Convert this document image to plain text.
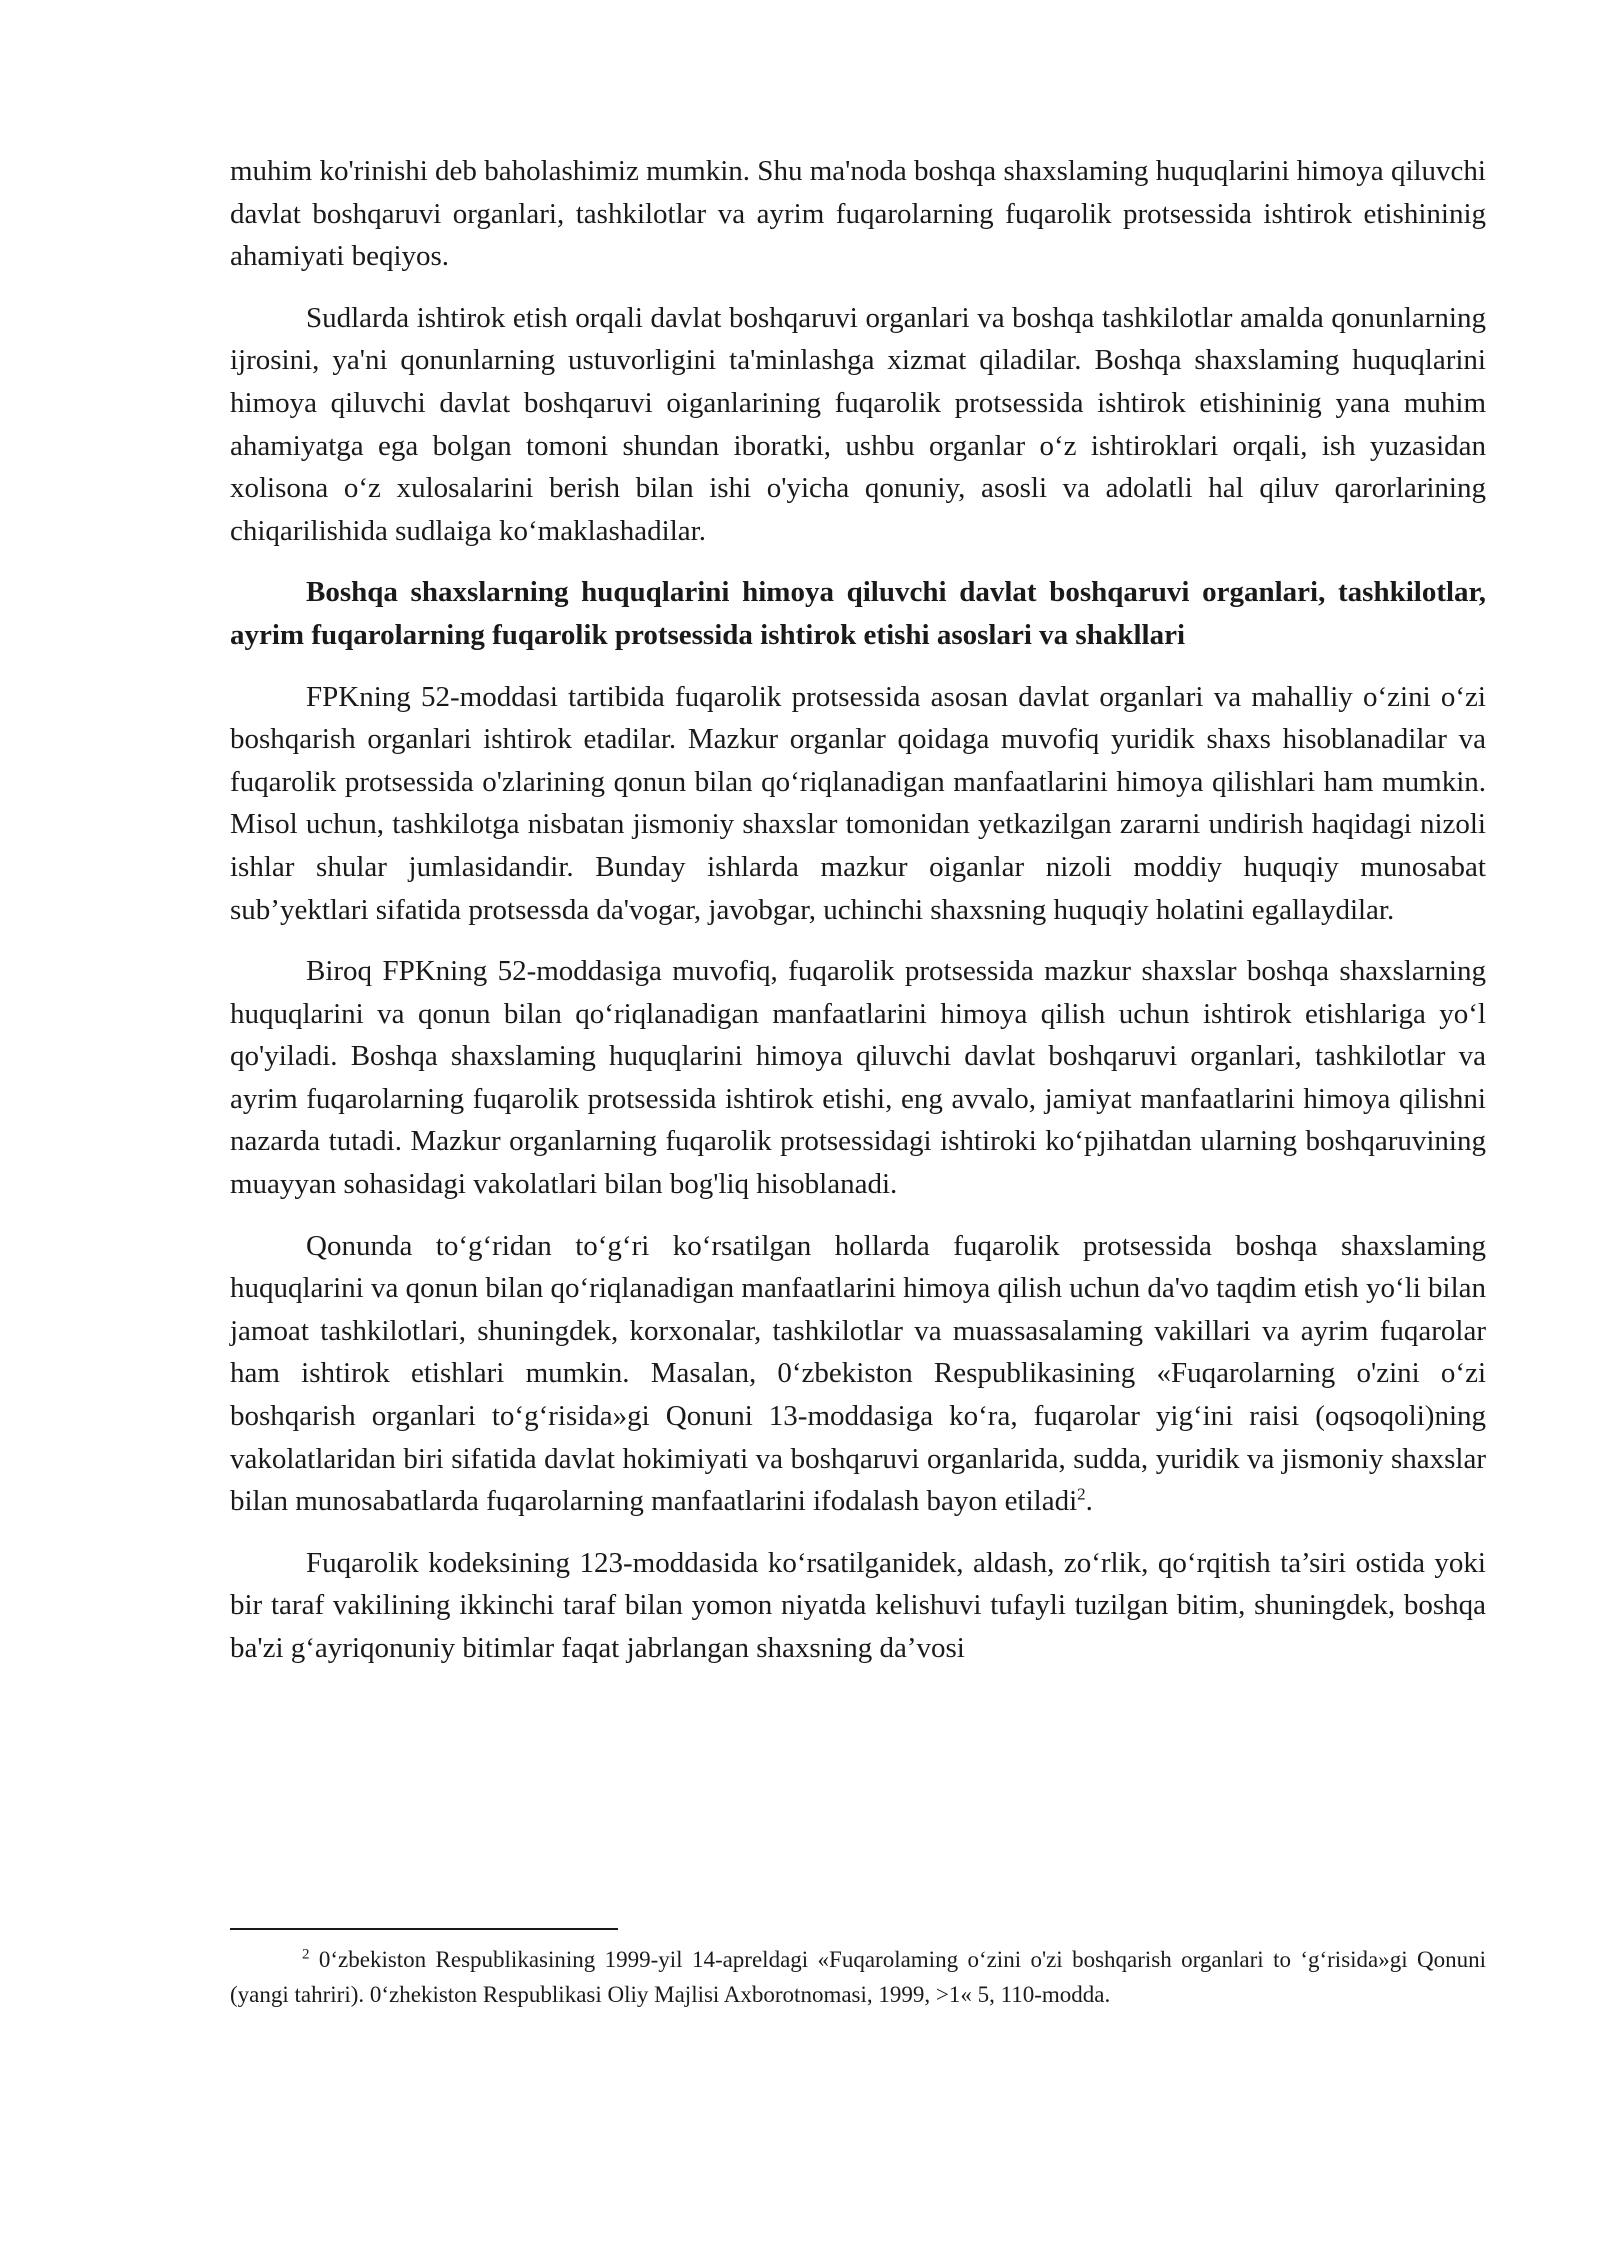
muhim ko'rinishi deb baholashimiz mumkin. Shu ma'noda boshqa shaxslaming huquqlarini himoya qiluvchi davlat boshqaruvi organlari, tashkilotlar va ayrim fuqarolarning fuqarolik protsessida ishtirok etishininig ahamiyati beqiyos.

Sudlarda ishtirok etish orqali davlat boshqaruvi organlari va boshqa tashkilotlar amalda qonunlarning ijrosini, ya'ni qonunlarning ustuvorligini ta'minlashga xizmat qiladilar. Boshqa shaxslaming huquqlarini himoya qiluvchi davlat boshqaruvi oiganlarining fuqarolik protsessida ishtirok etishininig yana muhim ahamiyatga ega bolgan tomoni shundan iboratki, ushbu organlar o‘z ishtiroklari orqali, ish yuzasidan xolisona o‘z xulosalarini berish bilan ishi o'yicha qonuniy, asosli va adolatli hal qiluv qarorlarining chiqarilishida sudlaiga ko‘maklashadilar.

Boshqa shaxslarning huquqlarini himoya qiluvchi davlat boshqaruvi organlari, tashkilotlar, ayrim fuqarolarning fuqarolik protsessida ishtirok etishi asoslari va shakllari

FPKning 52-moddasi tartibida fuqarolik protsessida asosan davlat organlari va mahalliy o‘zini o‘zi boshqarish organlari ishtirok etadilar. Mazkur organlar qoidaga muvofiq yuridik shaxs hisoblanadilar va fuqarolik protsessida o'zlarining qonun bilan qo‘riqlanadigan manfaatlarini himoya qilishlari ham mumkin. Misol uchun, tashkilotga nisbatan jismoniy shaxslar tomonidan yetkazilgan zararni undirish haqidagi nizoli ishlar shular jumlasidandir. Bunday ishlarda mazkur oiganlar nizoli moddiy huquqiy munosabat sub’yektlari sifatida protsessda da'vogar, javobgar, uchinchi shaxsning huquqiy holatini egallaydilar.

Biroq FPKning 52-moddasiga muvofiq, fuqarolik protsessida mazkur shaxslar boshqa shaxslarning huquqlarini va qonun bilan qo‘riqlanadigan manfaatlarini himoya qilish uchun ishtirok etishlariga yo‘l qo'yiladi. Boshqa shaxslaming huquqlarini himoya qiluvchi davlat boshqaruvi organlari, tashkilotlar va ayrim fuqarolarning fuqarolik protsessida ishtirok etishi, eng avvalo, jamiyat manfaatlarini himoya qilishni nazarda tutadi. Mazkur organlarning fuqarolik protsessidagi ishtiroki ko‘pjihatdan ularning boshqaruvining muayyan sohasidagi vakolatlari bilan bog'liq hisoblanadi.

Qonunda to‘g‘ridan to‘g‘ri ko‘rsatilgan hollarda fuqarolik protsessida boshqa shaxslaming huquqlarini va qonun bilan qo‘riqlanadigan manfaatlarini himoya qilish uchun da'vo taqdim etish yo‘li bilan jamoat tashkilotlari, shuningdek, korxonalar, tashkilotlar va muassasalaming vakillari va ayrim fuqarolar ham ishtirok etishlari mumkin. Masalan, 0‘zbekiston Respublikasining «Fuqarolarning o'zini o‘zi boshqarish organlari to‘g‘risida»gi Qonuni 13-moddasiga ko‘ra, fuqarolar yig‘ini raisi (oqsoqoli)ning vakolatlaridan biri sifatida davlat hokimiyati va boshqaruvi organlarida, sudda, yuridik va jismoniy shaxslar bilan munosabatlarda fuqarolarning manfaatlarini ifodalash bayon etiladi$^2$.

Fuqarolik kodeksining 123-moddasida ko‘rsatilganidek, aldash, zo‘rlik, qo‘rqitish ta’siri ostida yoki bir taraf vakilining ikkinchi taraf bilan yomon niyatda kelishuvi tufayli tuzilgan bitim, shuningdek, boshqa ba'zi g‘ayriqonuniy bitimlar faqat jabrlangan shaxsning da’vosi

$^2$ 0‘zbekiston Respublikasining 1999-yil 14-apreldagi «Fuqarolaming o‘zini o'zi boshqarish organlari to ‘g‘risida»gi Qonuni (yangi tahriri). 0‘zhekiston Respublikasi Oliy Majlisi Axborotnomasi, 1999, >1« 5, 110-modda.
